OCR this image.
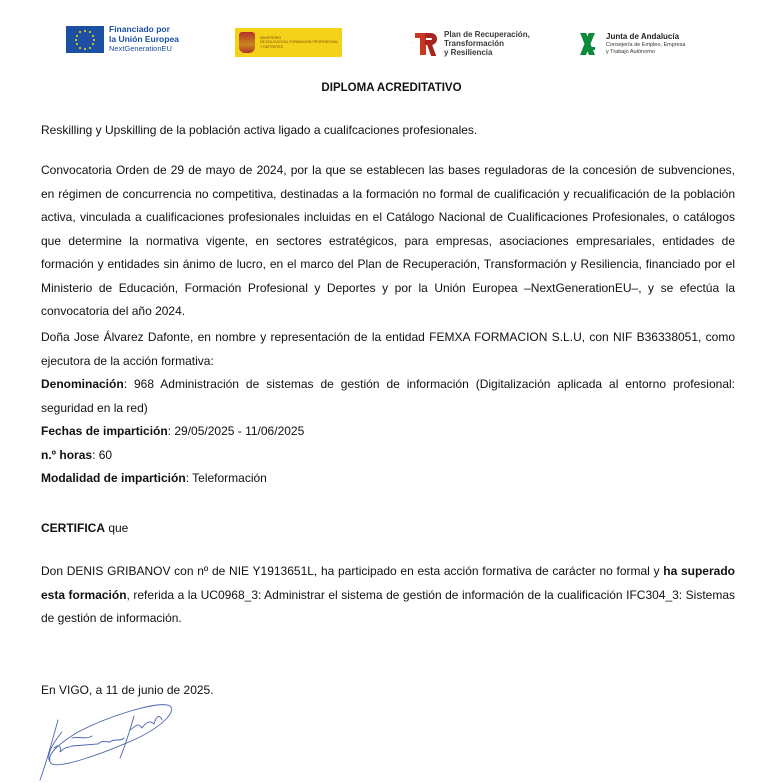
Financiado por
la Unión Europea
NextGenerationEU
MINISTERIO
DE EDUCACIÓN, FORMACIÓN PROFESIONAL
Y DEPORTES
·
·
·
Plan de Recuperación,
Transformación
y Resiliencia
Junta de Andalucía
Consejería de Empleo, Empresa
y Trabajo Autónomo
DIPLOMA ACREDITATIVO
Reskilling y Upskilling de la población activa ligado a cualifcaciones profesionales.
Convocatoria Orden de 29 de mayo de 2024, por la que se establecen las bases reguladoras de la concesión de subvenciones, en régimen de concurrencia no competitiva, destinadas a la formación no formal de cualificación y recualificación de la población activa, vinculada a cualificaciones profesionales incluidas en el Catálogo Nacional de Cualificaciones Profesionales, o catálogos que determine la normativa vigente, en sectores estratégicos, para empresas, asociaciones empresariales, entidades de formación y entidades sin ánimo de lucro, en el marco del Plan de Recuperación, Transformación y Resiliencia, financiado por el Ministerio de Educación, Formación Profesional y Deportes y por la Unión Europea –NextGenerationEU–, y se efectúa la convocatoria del año 2024.
Doña Jose Álvarez Dafonte, en nombre y representación de la entidad FEMXA FORMACION S.L.U, con NIF B36338051, como ejecutora de la acción formativa:
Denominación: 968 Administración de sistemas de gestión de información (Digitalización aplicada al entorno profesional: seguridad en la red)
Fechas de impartición: 29/05/2025 - 11/06/2025
n.º horas: 60
Modalidad de impartición: Teleformación
CERTIFICA que
Don DENIS GRIBANOV con nº de NIE Y1913651L, ha participado en esta acción formativa de carácter no formal y ha superado esta formación, referida a la UC0968_3: Administrar el sistema de gestión de información de la cualificación IFC304_3: Sistemas de gestión de información.
En VIGO, a 11 de junio de 2025.
